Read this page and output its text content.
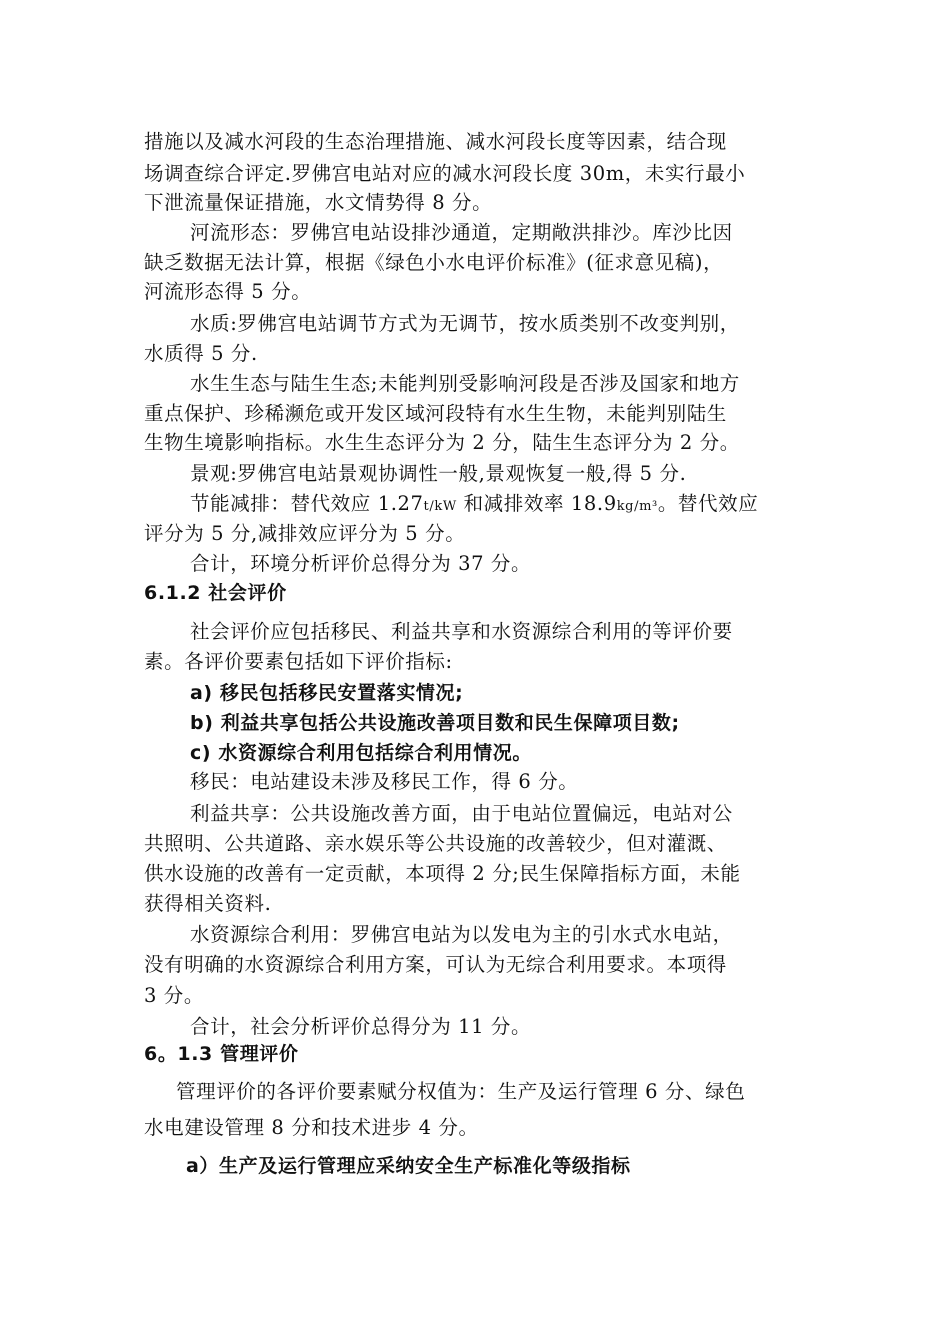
措施以及减水河段的生态治理措施、减水河段长度等因素，结合现
场调查综合评定.罗佛宫电站对应的减水河段长度 30m，未实行最小
下泄流量保证措施，水文情势得 8 分。
河流形态：罗佛宫电站设排沙通道，定期敞洪排沙。库沙比因
缺乏数据无法计算，根据《绿色小水电评价标准》(征求意见稿)，
河流形态得 5 分。
水质:罗佛宫电站调节方式为无调节，按水质类别不改变判别，
水质得 5 分.
水生生态与陆生生态;未能判别受影响河段是否涉及国家和地方
重点保护、珍稀濒危或开发区域河段特有水生生物，未能判别陆生
生物生境影响指标。水生生态评分为 2 分，陆生生态评分为 2 分。
景观:罗佛宫电站景观协调性一般,景观恢复一般,得 5 分.
节能减排：替代效应 1.27t/kW 和减排效率 18.9kg/m³。替代效应
评分为 5 分,减排效应评分为 5 分。
合计，环境分析评价总得分为 37 分。
6.1.2 社会评价
社会评价应包括移民、利益共享和水资源综合利用的等评价要
素。各评价要素包括如下评价指标:
a) 移民包括移民安置落实情况;
b) 利益共享包括公共设施改善项目数和民生保障项目数;
c) 水资源综合利用包括综合利用情况。
移民：电站建设未涉及移民工作，得 6 分。
利益共享：公共设施改善方面，由于电站位置偏远，电站对公
共照明、公共道路、亲水娱乐等公共设施的改善较少，但对灌溉、
供水设施的改善有一定贡献，本项得 2 分;民生保障指标方面，未能
获得相关资料.
水资源综合利用：罗佛宫电站为以发电为主的引水式水电站，
没有明确的水资源综合利用方案，可认为无综合利用要求。本项得
3 分。
合计，社会分析评价总得分为 11 分。
6。1.3 管理评价
管理评价的各评价要素赋分权值为：生产及运行管理 6 分、绿色
水电建设管理 8 分和技术进步 4 分。
a）生产及运行管理应采纳安全生产标准化等级指标
